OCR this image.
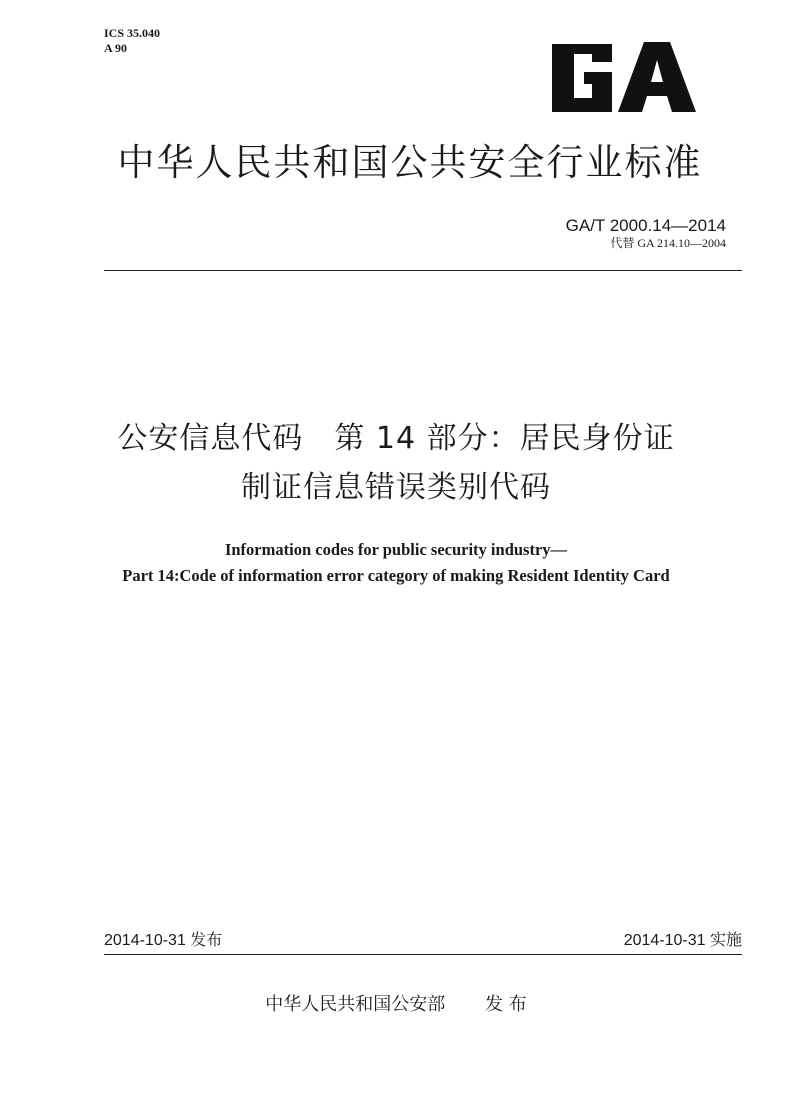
ICS 35.040
A 90
中华人民共和国公共安全行业标准
GA/T 2000.14—2014
代替 GA 214.10—2004
公安信息代码　第 14 部分：居民身份证
制证信息错误类别代码
Information codes for public security industry—
Part 14:Code of information error category of making Resident Identity Card
2014-10-31 发布	2014-10-31 实施
中华人民共和国公安部 发 布
